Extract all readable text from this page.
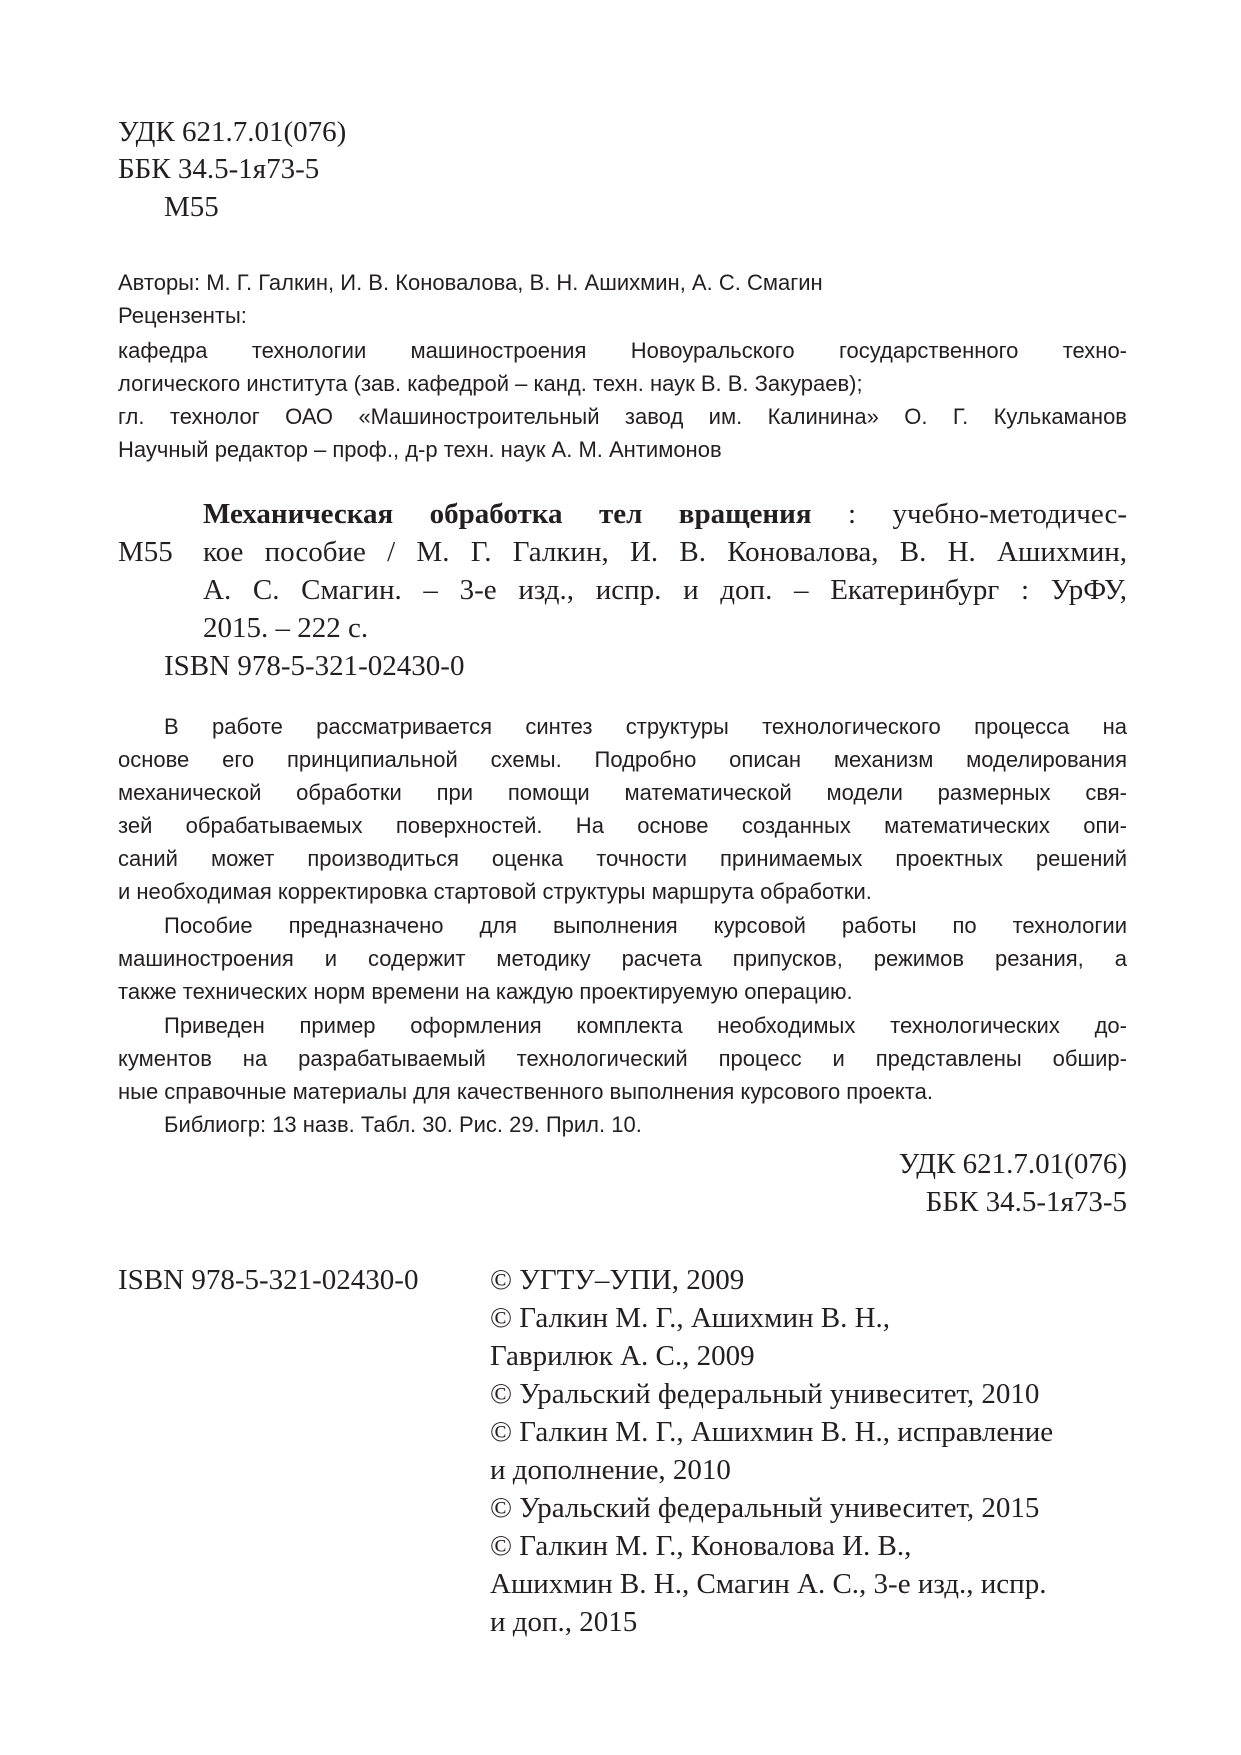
УДК 621.7.01(076)
ББК 34.5-1я73-5
М55
Авторы: М. Г. Галкин, И. В. Коновалова, В. Н. Ашихмин, А. С. Смагин
Рецензенты:
кафедра технологии машиностроения Новоуральского государственного техно-
логического института (зав. кафедрой – канд. техн. наук В. В. Закураев);
гл. технолог ОАО «Машиностроительный завод им. Калинина» О. Г. Кулькаманов
Научный редактор – проф., д-р техн. наук А. М. Антимонов
М55
Механическая обработка тел вращения : учебно-методичес-
кое пособие / М. Г. Галкин, И. В. Коновалова, В. Н. Ашихмин,
А. С. Смагин. – 3-е изд., испр. и доп. – Екатеринбург : УрФУ,
2015. – 222 с.
ISBN 978-5-321-02430-0
В работе рассматривается синтез структуры технологического процесса на
основе его принципиальной схемы. Подробно описан механизм моделирования
механической обработки при помощи математической модели размерных свя-
зей обрабатываемых поверхностей. На основе созданных математических опи-
саний может производиться оценка точности принимаемых проектных решений
и необходимая корректировка стартовой структуры маршрута обработки.
Пособие предназначено для выполнения курсовой работы по технологии
машиностроения и содержит методику расчета припусков, режимов резания, а
также технических норм времени на каждую проектируемую операцию.
Приведен пример оформления комплекта необходимых технологических до-
кументов на разрабатываемый технологический процесс и представлены обшир-
ные справочные материалы для качественного выполнения курсового проекта.
Библиогр: 13 назв. Табл. 30. Рис. 29. Прил. 10.
УДК 621.7.01(076)
ББК 34.5-1я73-5
ISBN 978-5-321-02430-0 © УГТУ–УПИ, 2009
© Галкин М. Г., Ашихмин В. Н.,
Гаврилюк А. С., 2009
© Уральский федеральный унивеситет, 2010
© Галкин М. Г., Ашихмин В. Н., исправление
и дополнение, 2010
© Уральский федеральный унивеситет, 2015
© Галкин М. Г., Коновалова И. В.,
Ашихмин В. Н., Смагин А. С., 3-е изд., испр.
и доп., 2015
